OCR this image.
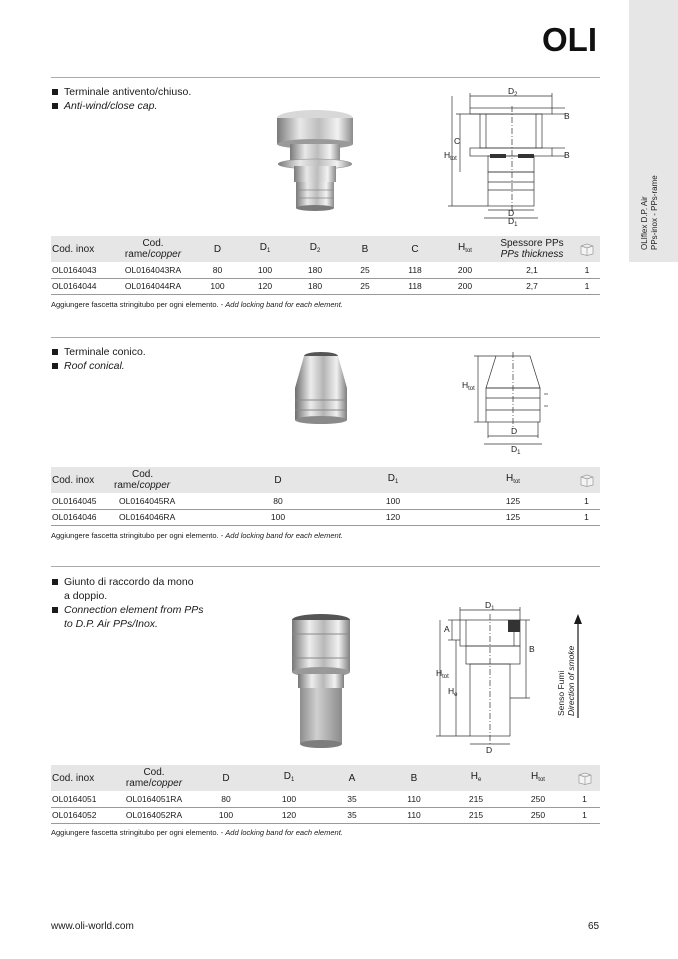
OLIflex D.P. Air PPs-inox - PPs-rame
OLI
Terminale antivento/chiuso.
Anti-wind/close cap.
$D_2$
B
C
$H_{tot}$	B
D
$D_1$
Cod. inox	Cod.
rame/copper	D	$D_1$	$D_2$	B	C	$H_{tot}$	Spessore PPs
PPs thickness	
OL0164043	OL0164043RA	80	100	180	25	118	200	2,1	1
OL0164044	OL0164044RA	100	120	180	25	118	200	2,7	1
Aggiungere fascetta stringitubo per ogni elemento. - Add locking band for each element.
Terminale conico.
Roof conical.
$H_{tot}$
D
$D_1$
Cod. inox	Cod.
rame/copper	D	$D_1$	$H_{tot}$	
OL0164045	OL0164045RA	80	100	125	1
OL0164046	OL0164046RA	100	120	125	1
Aggiungere fascetta stringitubo per ogni elemento. - Add locking band for each element.
Giunto di raccordo da mono
a doppio.
Connection element from PPs
to D.P. Air PPs/Inox.
$D_1$
A
B
$H_{tot}$
$H_e$
D
Senso Fumi Direction of smoke
Cod. inox	Cod.
rame/copper	D	$D_1$	A	B	$H_e$	$H_{tot}$	
OL0164051	OL0164051RA	80	100	35	110	215	250	1
OL0164052	OL0164052RA	100	120	35	110	215	250	1
Aggiungere fascetta stringitubo per ogni elemento. - Add locking band for each element.
www.oli-world.com	65
